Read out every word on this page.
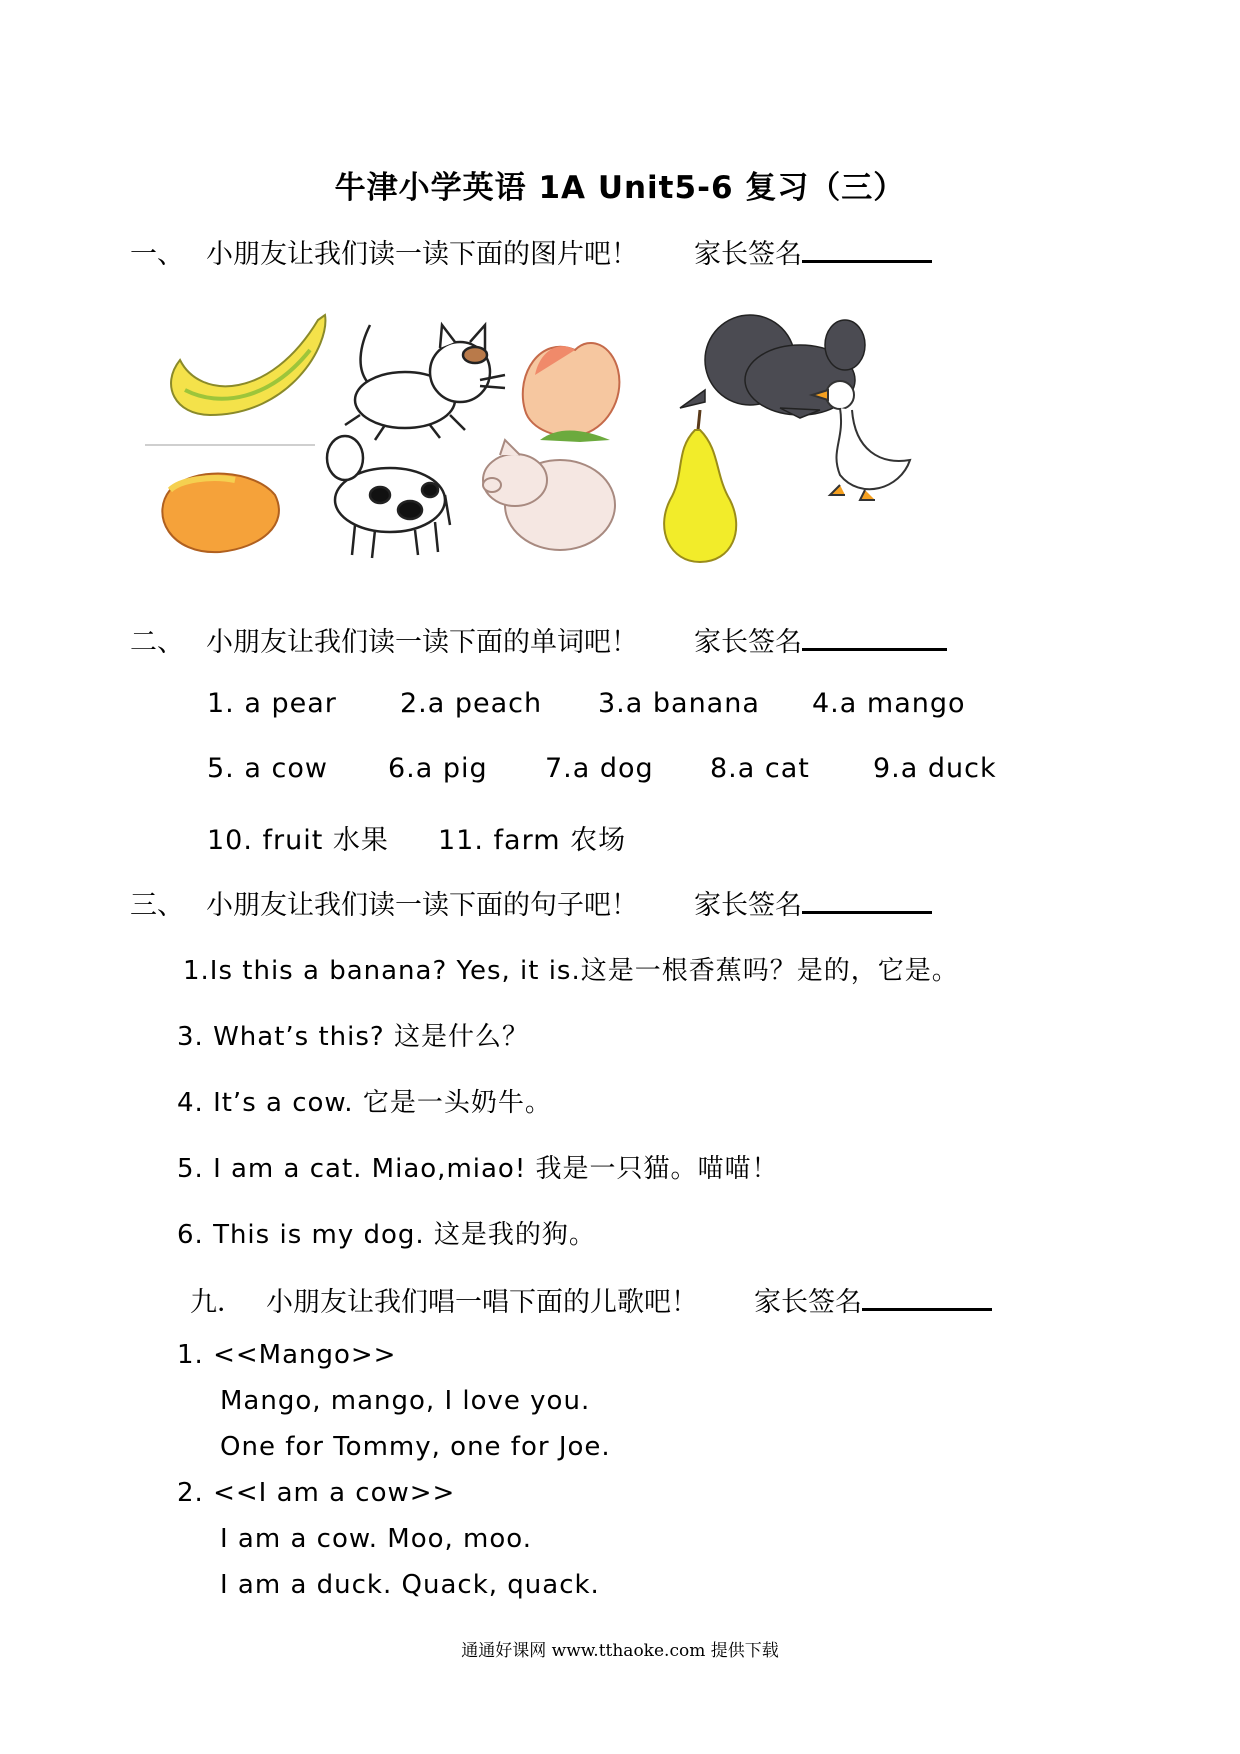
牛津小学英语 1A Unit5-6 复习（三）
一、 小朋友让我们读一读下面的图片吧！ 家长签名
二、 小朋友让我们读一读下面的单词吧！ 家长签名
1. a pear 2.a peach 3.a banana 4.a mango
5. a cow 6.a pig 7.a dog 8.a cat 9.a duck
10. fruit 水果 11. farm 农场
三、 小朋友让我们读一读下面的句子吧！ 家长签名
1.Is this a banana? Yes, it is.这是一根香蕉吗？是的，它是。
3. What’s this? 这是什么？
4. It’s a cow. 它是一头奶牛。
5. I am a cat. Miao,miao! 我是一只猫。喵喵！
6. This is my dog. 这是我的狗。
九． 小朋友让我们唱一唱下面的儿歌吧！ 家长签名
1. <<Mango>>
Mango, mango, I love you.
One for Tommy, one for Joe.
2. <<I am a cow>>
I am a cow. Moo, moo.
I am a duck. Quack, quack.
通通好课网 www.tthaoke.com 提供下载
